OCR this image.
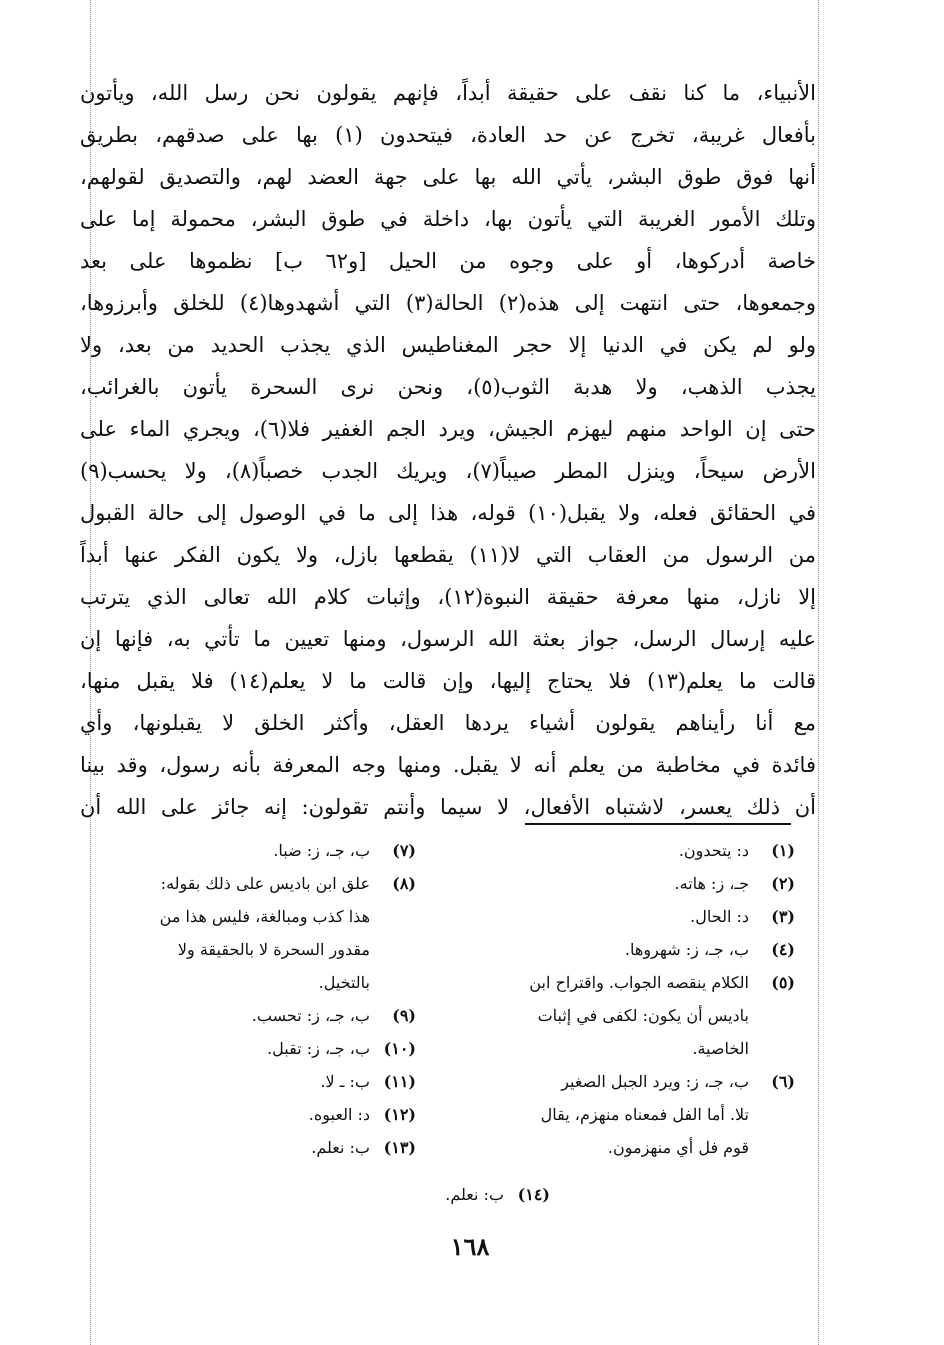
الأنبياء، ما كنا نقف على حقيقة أبداً، فإنهم يقولون نحن رسل الله، ويأتون
بأفعال غريبة، تخرج عن حد العادة، فيتحدون (١) بها على صدقهم، بطريق
أنها فوق طوق البشر، يأتي الله بها على جهة العضد لهم، والتصديق لقولهم،
وتلك الأمور الغريبة التي يأتون بها، داخلة في طوق البشر، محمولة إما على
خاصة أدركوها، أو على وجوه من الحيل [و٦٢ ب] نظموها على بعد
وجمعوها، حتى انتهت إلى هذه(٢) الحالة(٣) التي أشهدوها(٤) للخلق وأبرزوها،
ولو لم يكن في الدنيا إلا حجر المغناطيس الذي يجذب الحديد من بعد، ولا
يجذب الذهب، ولا هدبة الثوب(٥)، ونحن نرى السحرة يأتون بالغرائب،
حتى إن الواحد منهم ليهزم الجيش، ويرد الجم الغفير فلا(٦)، ويجري الماء على
الأرض سيحاً، وينزل المطر صيباً(٧)، ويريك الجدب خصباً(٨)، ولا يحسب(٩)
في الحقائق فعله، ولا يقبل(١٠) قوله، هذا إلى ما في الوصول إلى حالة القبول
من الرسول من العقاب التي لا(١١) يقطعها بازل، ولا يكون الفكر عنها أبداً
إلا نازل، منها معرفة حقيقة النبوة(١٢)، وإثبات كلام الله تعالى الذي يترتب
عليه إرسال الرسل، جواز بعثة الله الرسول، ومنها تعيين ما تأتي به، فإنها إن
قالت ما يعلم(١٣) فلا يحتاج إليها، وإن قالت ما لا يعلم(١٤) فلا يقبل منها،
مع أنا رأيناهم يقولون أشياء يردها العقل، وأكثر الخلق لا يقبلونها، وأي
فائدة في مخاطبة من يعلم أنه لا يقبل. ومنها وجه المعرفة بأنه رسول، وقد بينا
أن ذلك يعسر، لاشتباه الأفعال، لا سيما وأنتم تقولون: إنه جائز على الله أن
(١)
د: يتحدون.
(٢)
جـ، ز: هاته.
(٣)
د: الحال.
(٤)
ب، جـ، ز: شهروها.
(٥)
الكلام ينقصه الجواب. واقتراح ابن
باديس أن يكون: لكفى في إثبات
الخاصية.
(٦)
ب، جـ، ز: ويرد الجبل الصغير
تلا. أما الفل فمعناه منهزم، يقال
قوم فل أي منهزمون.
(٧)
ب، جـ، ز: ضبا.
(٨)
علق ابن باديس على ذلك بقوله:
هذا كذب ومبالغة، فليس هذا من
مقدور السحرة لا بالحقيقة ولا
بالتخيل.
(٩)
ب، جـ، ز: تحسب.
(١٠)
ب، جـ، ز: تقبل.
(١١)
ب: ـ لا.
(١٢)
د: العبوه.
(١٣)
ب: نعلم.
(١٤)
ب: نعلم.
١٦٨
